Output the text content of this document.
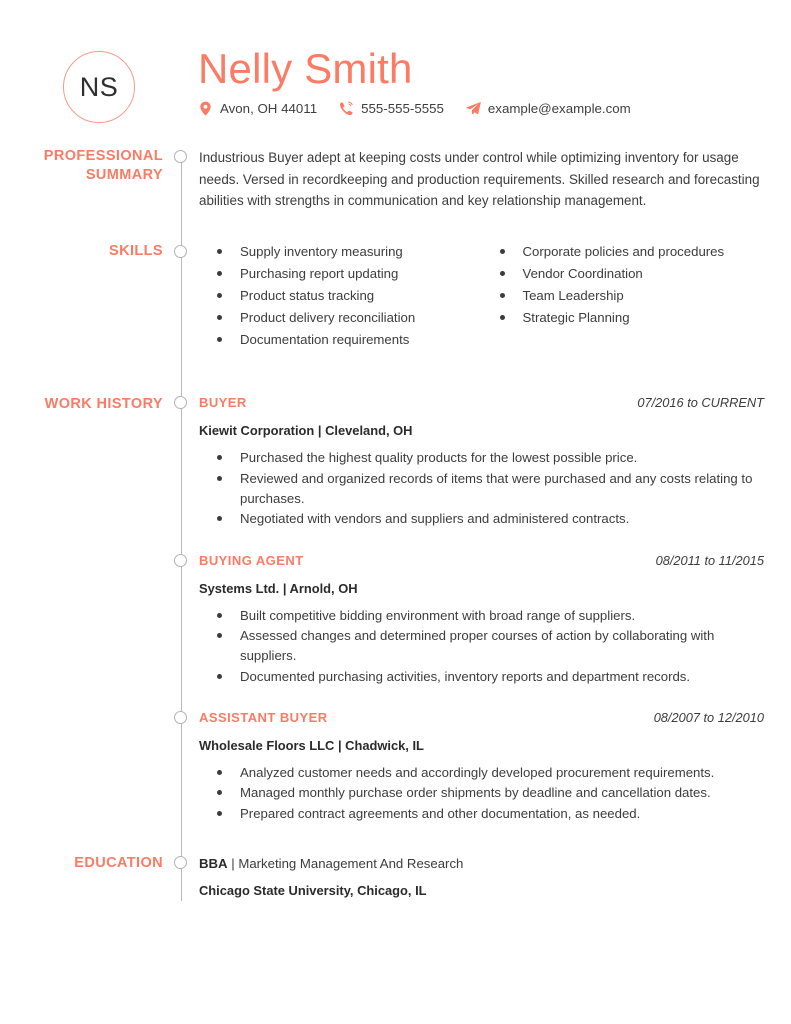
NS	Nelly Smith
Avon, OH 44011	555-555-5555	example@example.com
PROFESSIONAL
SUMMARY
Industrious Buyer adept at keeping costs under control while optimizing inventory for usage needs. Versed in recordkeeping and production requirements. Skilled research and forecasting abilities with strengths in communication and key relationship management.
SKILLS	Supply inventory measuring
Purchasing report updating
Product status tracking
Product delivery reconciliation
Documentation requirements
Corporate policies and procedures
Vendor Coordination
Team Leadership
Strategic Planning
WORK HISTORY	BUYER	07/2016 to CURRENT
Kiewit Corporation | Cleveland, OH
Purchased the highest quality products for the lowest possible price.
Reviewed and organized records of items that were purchased and any costs relating to purchases.
Negotiated with vendors and suppliers and administered contracts.
BUYING AGENT	08/2011 to 11/2015
Systems Ltd. | Arnold, OH
Built competitive bidding environment with broad range of suppliers.
Assessed changes and determined proper courses of action by collaborating with suppliers.
Documented purchasing activities, inventory reports and department records.
ASSISTANT BUYER	08/2007 to 12/2010
Wholesale Floors LLC | Chadwick, IL
Analyzed customer needs and accordingly developed procurement requirements.
Managed monthly purchase order shipments by deadline and cancellation dates.
Prepared contract agreements and other documentation, as needed.
EDUCATION	BBA | Marketing Management And Research
Chicago State University, Chicago, IL
